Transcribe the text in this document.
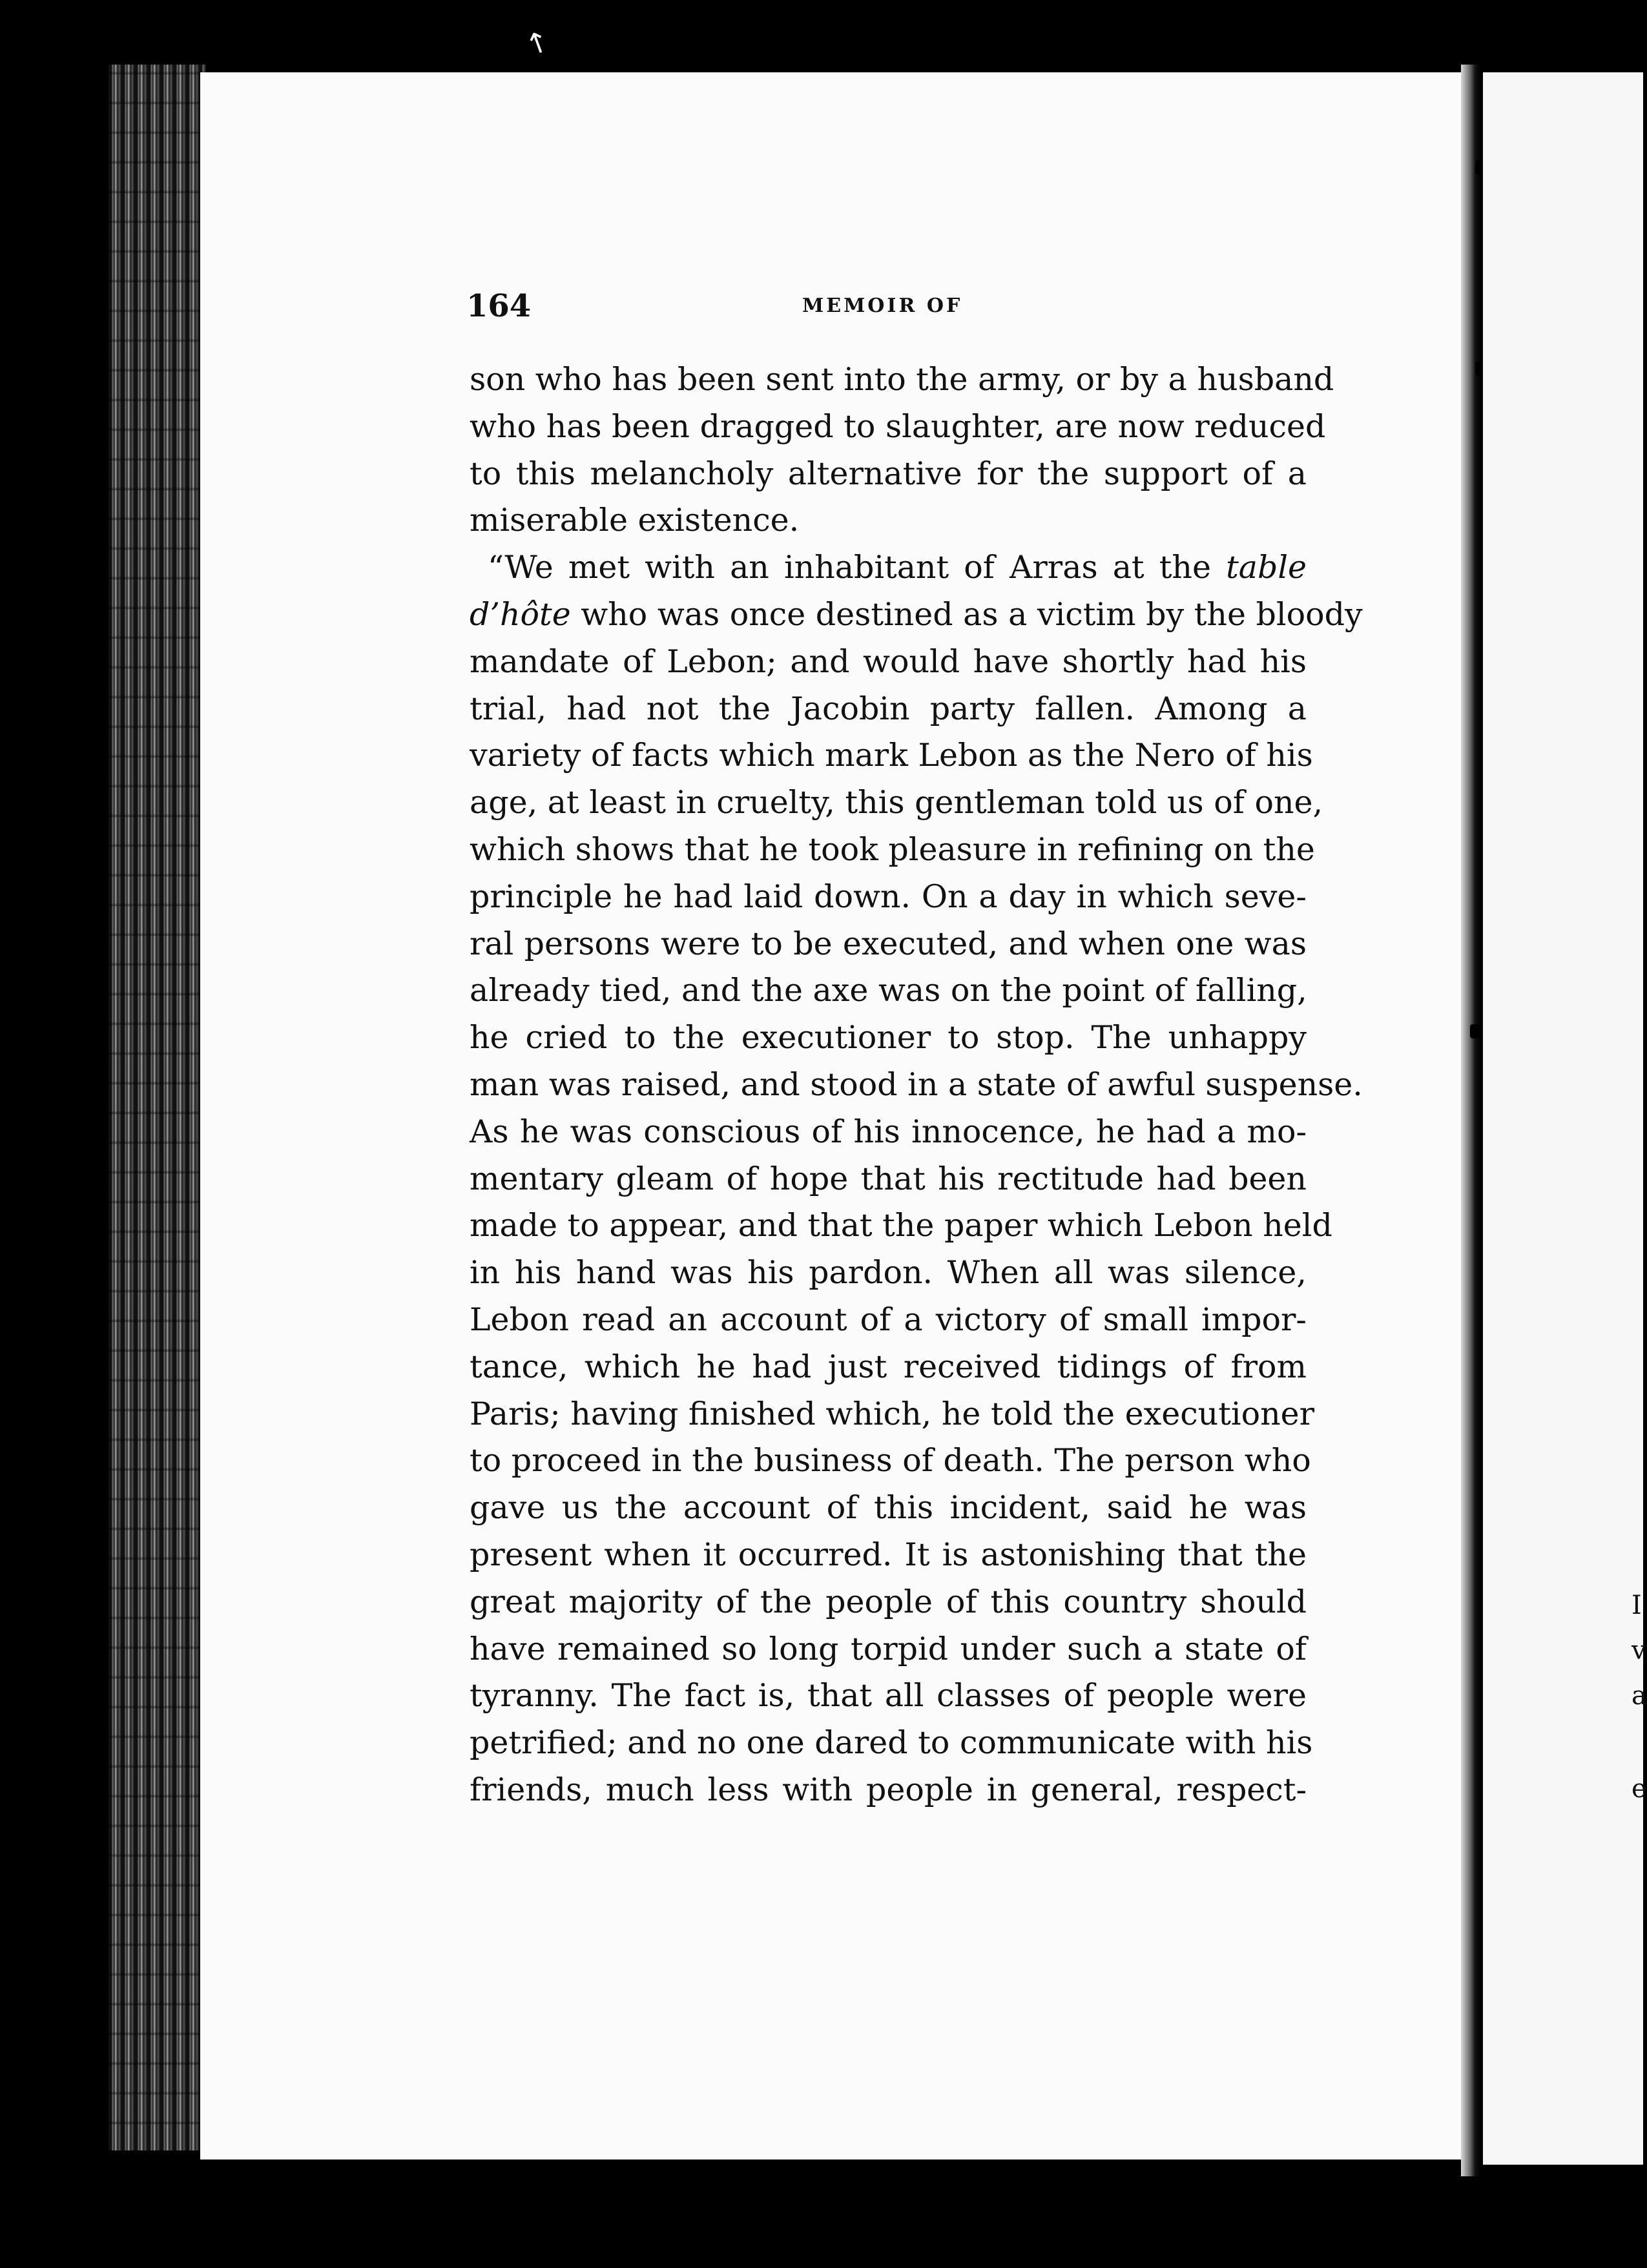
↖
I
v
a
e
164	MEMOIR OF
son who has been sent into the army, or by a husband
who has been dragged to slaughter, are now reduced
to this melancholy alternative for the support of a
miserable existence.
“We met with an inhabitant of Arras at the table
d’hôte who was once destined as a victim by the bloody
mandate of Lebon; and would have shortly had his
trial, had not the Jacobin party fallen. Among a
variety of facts which mark Lebon as the Nero of his
age, at least in cruelty, this gentleman told us of one,
which shows that he took pleasure in refining on the
principle he had laid down. On a day in which seve-
ral persons were to be executed, and when one was
already tied, and the axe was on the point of falling,
he cried to the executioner to stop. The unhappy
man was raised, and stood in a state of awful suspense.
As he was conscious of his innocence, he had a mo-
mentary gleam of hope that his rectitude had been
made to appear, and that the paper which Lebon held
in his hand was his pardon. When all was silence,
Lebon read an account of a victory of small impor-
tance, which he had just received tidings of from
Paris; having finished which, he told the executioner
to proceed in the business of death. The person who
gave us the account of this incident, said he was
present when it occurred. It is astonishing that the
great majority of the people of this country should
have remained so long torpid under such a state of
tyranny. The fact is, that all classes of people were
petrified; and no one dared to communicate with his
friends, much less with people in general, respect-
